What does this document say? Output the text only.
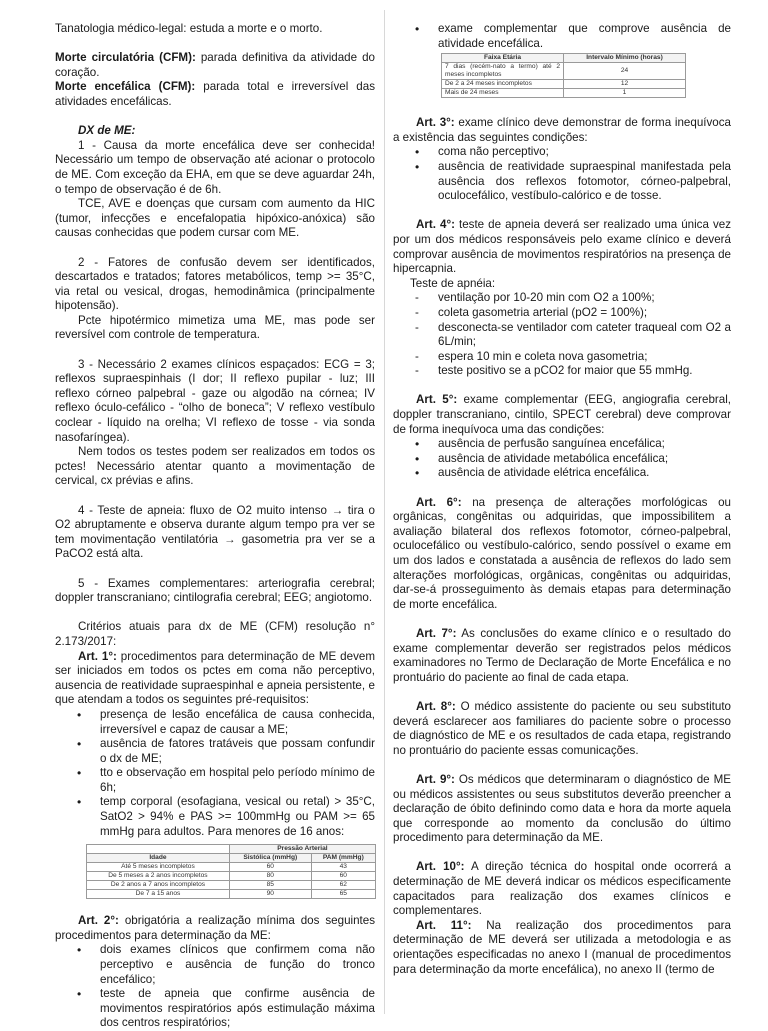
Tanatologia médico-legal: estuda a morte e o morto.

Morte circulatória (CFM): parada definitiva da atividade do coração.

Morte encefálica (CFM): parada total e irreversível das atividades encefálicas.

DX de ME:

1 - Causa da morte encefálica deve ser conhecida! Necessário um tempo de observação até acionar o protocolo de ME. Com exceção da EHA, em que se deve aguardar 24h, o tempo de observação é de 6h.

TCE, AVE e doenças que cursam com aumento da HIC (tumor, infecções e encefalopatia hipóxico-anóxica) são causas conhecidas que podem cursar com ME.

2 - Fatores de confusão devem ser identificados, descartados e tratados; fatores metabólicos, temp >= 35°C, via retal ou vesical, drogas, hemodinâmica (principalmente hipotensão).

Pcte hipotérmico mimetiza uma ME, mas pode ser reversível com controle de temperatura.

3 - Necessário 2 exames clínicos espaçados: ECG = 3; reflexos supraespinhais (I dor; II reflexo pupilar - luz; III reflexo córneo palpebral - gaze ou algodão na córnea; IV reflexo óculo-cefálico - “olho de boneca”; V reflexo vestíbulo coclear - líquido na orelha; VI reflexo de tosse - via sonda nasofaríngea).

Nem todos os testes podem ser realizados em todos os pctes! Necessário atentar quanto a movimentação de cervical, cx prévias e afins.

4 - Teste de apneia: fluxo de O2 muito intenso → tira o O2 abruptamente e observa durante algum tempo pra ver se tem movimentação ventilatória → gasometria pra ver se a PaCO2 está alta.

5 - Exames complementares: arteriografia cerebral; doppler transcraniano; cintilografia cerebral; EEG; angiotomo.

Critérios atuais para dx de ME (CFM) resolução n° 2.173/2017:

Art. 1°: procedimentos para determinação de ME devem ser iniciados em todos os pctes em coma não perceptivo, ausencia de reatividade supraespinhal e apneia persistente, e que atendam a todos os seguintes pré-requisitos:

• presença de lesão encefálica de causa conhecida, irreversível e capaz de causar a ME;
• ausência de fatores tratáveis que possam confundir o dx de ME;
• tto e observação em hospital pelo período mínimo de 6h;
• temp corporal (esofagiana, vesical ou retal) > 35°C, SatO2 > 94% e PAS >= 100mmHg ou PAM >= 65 mmHg para adultos. Para menores de 16 anos:
	Pressão Arterial	
Idade	Sistólica (mmHg)	PAM (mmHg)
Até 5 meses incompletos	60	43
De 5 meses a 2 anos incompletos	80	60
De 2 anos a 7 anos incompletos	85	62
De 7 a 15 anos	90	65

Art. 2°: obrigatória a realização mínima dos seguintes procedimentos para determinação da ME:

• dois exames clínicos que confirmem coma não perceptivo e ausência de função do tronco encefálico;
• teste de apneia que confirme ausência de movimentos respiratórios após estimulação máxima dos centros respiratórios;
• exame complementar que comprove ausência de atividade encefálica.
Faixa Etária	Intervalo Mínimo (horas)
7 dias (recém-nato a termo) até 2 meses incompletos	24
De 2 a 24 meses incompletos	12
Mais de 24 meses	1

Art. 3°: exame clínico deve demonstrar de forma inequívoca a existência das seguintes condições:

• coma não perceptivo;
• ausência de reatividade supraespinal manifestada pela ausência dos reflexos fotomotor, córneo-palpebral, oculocefálico, vestíbulo-calórico e de tosse.

Art. 4°: teste de apneia deverá ser realizado uma única vez por um dos médicos responsáveis pelo exame clínico e deverá comprovar ausência de movimentos respiratórios na presença de hipercapnia.

Teste de apnéia:

- ventilação por 10-20 min com O2 a 100%;
- coleta gasometria arterial (pO2 = 100%);
- desconecta-se ventilador com cateter traqueal com O2 a 6L/min;
- espera 10 min e coleta nova gasometria;
- teste positivo se a pCO2 for maior que 55 mmHg.

Art. 5°: exame complementar (EEG, angiografia cerebral, doppler transcraniano, cintilo, SPECT cerebral) deve comprovar de forma inequívoca uma das condições:

• ausência de perfusão sanguínea encefálica;
• ausência de atividade metabólica encefálica;
• ausência de atividade elétrica encefálica.

Art. 6°: na presença de alterações morfológicas ou orgânicas, congênitas ou adquiridas, que impossibilitem a avaliação bilateral dos reflexos fotomotor, córneo-palpebral, oculocefálico ou vestíbulo-calórico, sendo possível o exame em um dos lados e constatada a ausência de reflexos do lado sem alterações morfológicas, orgânicas, congênitas ou adquiridas, dar-se-á prosseguimento às demais etapas para determinação de morte encefálica.

Art. 7°: As conclusões do exame clínico e o resultado do exame complementar deverão ser registrados pelos médicos examinadores no Termo de Declaração de Morte Encefálica e no prontuário do paciente ao final de cada etapa.

Art. 8°: O médico assistente do paciente ou seu substituto deverá esclarecer aos familiares do paciente sobre o processo de diagnóstico de ME e os resultados de cada etapa, registrando no prontuário do paciente essas comunicações.

Art. 9°: Os médicos que determinaram o diagnóstico de ME ou médicos assistentes ou seus substitutos deverão preencher a declaração de óbito definindo como data e hora da morte aquela que corresponde ao momento da conclusão do último procedimento para determinação da ME.

Art. 10°: A direção técnica do hospital onde ocorrerá a determinação de ME deverá indicar os médicos especificamente capacitados para realização dos exames clínicos e complementares.

Art. 11°: Na realização dos procedimentos para determinação de ME deverá ser utilizada a metodologia e as orientações especificadas no anexo I (manual de procedimentos para determinação da morte encefálica), no anexo II (termo de
